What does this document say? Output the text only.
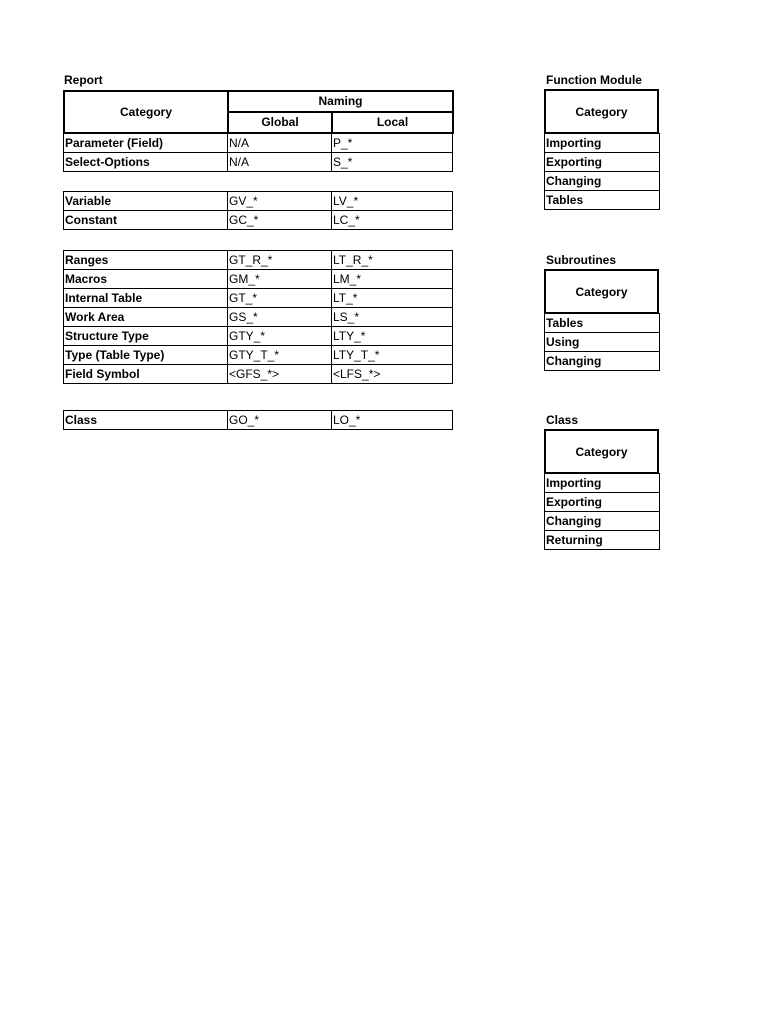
Report
Category	Naming	
	Global	Local
Parameter (Field)	N/A	P_*
Select-Options	N/A	S_*
Variable	GV_*	LV_*
Constant	GC_*	LC_*
Ranges	GT_R_*	LT_R_*
Macros	GM_*	LM_*
Internal Table	GT_*	LT_*
Work Area	GS_*	LS_*
Structure Type	GTY_*	LTY_*
Type (Table Type)	GTY_T_*	LTY_T_*
Field Symbol	<GFS_*>	<LFS_*>
Class	GO_*	LO_*
Function Module
Category
Importing
Exporting
Changing
Tables
Subroutines
Category
Tables
Using
Changing
Class
Category
Importing
Exporting
Changing
Returning
